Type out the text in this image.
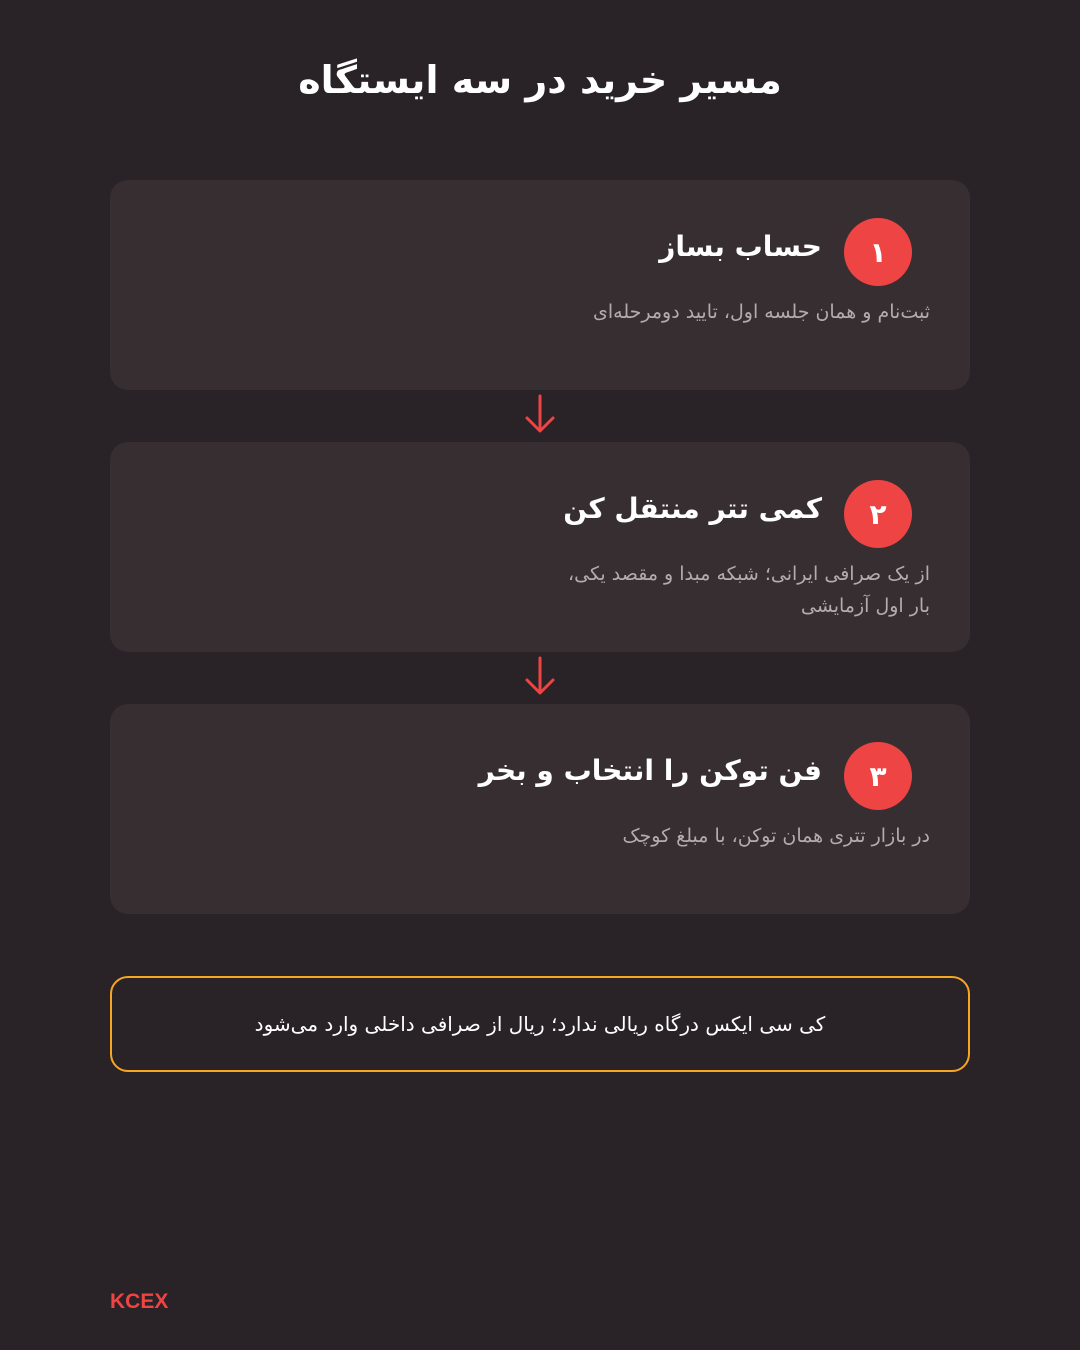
مسیر خرید در سه ایستگاه
۱
حساب بساز
ثبت‌نام و همان جلسه اول، تایید دومرحله‌ای
۲
کمی تتر منتقل کن
از یک صرافی ایرانی؛ شبکه مبدا و مقصد یکی، بار اول آزمایشی
۳
فن توکن را انتخاب و بخر
در بازار تتری همان توکن، با مبلغ کوچک
کی سی ایکس درگاه ریالی ندارد؛ ریال از صرافی داخلی وارد می‌شود
KCEX
